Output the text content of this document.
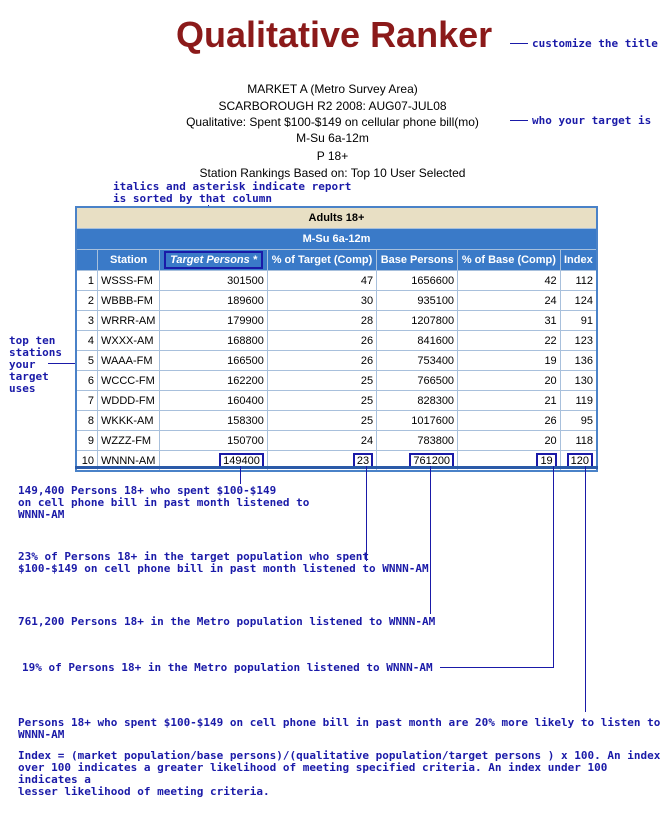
Qualitative Ranker	customize the title
MARKET A (Metro Survey Area)
SCARBOROUGH R2 2008: AUG07-JUL08
Qualitative: Spent $100-$149 on cellular phone bill(mo)	who your target is
M-Su 6a-12m
P 18+
Station Rankings Based on: Top 10 User Selected
italics and asterisk indicate report
is sorted by that column
Adults 18+						
M-Su 6a-12m						
	Station	Target Persons *	% of Target (Comp)	Base Persons	% of Base (Comp)	Index
1	WSSS-FM	301500	47	1656600	42	112
2	WBBB-FM	189600	30	935100	24	124
3	WRRR-AM	179900	28	1207800	31	91
4	WXXX-AM	168800	26	841600	22	123
5	WAAA-FM	166500	26	753400	19	136
6	WCCC-FM	162200	25	766500	20	130
7	WDDD-FM	160400	25	828300	21	119
8	WKKK-AM	158300	25	1017600	26	95
9	WZZZ-FM	150700	24	783800	20	118
10	WNNN-AM	149400	23	761200	19	120
top ten
stations
your
target
uses
149,400 Persons 18+ who spent $100-$149
on cell phone bill in past month listened to
WNNN-AM
23% of Persons 18+ in the target population who spent
$100-$149 on cell phone bill in past month listened to WNNN-AM
761,200 Persons 18+ in the Metro population listened to WNNN-AM
19% of Persons 18+ in the Metro population listened to WNNN-AM
Persons 18+ who spent $100-$149 on cell phone bill in past month are 20% more likely to listen to
WNNN-AM
Index = (market population/base persons)/(qualitative population/target persons ) x 100. An index
over 100 indicates a greater likelihood of meeting specified criteria. An index under 100 indicates a
lesser likelihood of meeting criteria.
